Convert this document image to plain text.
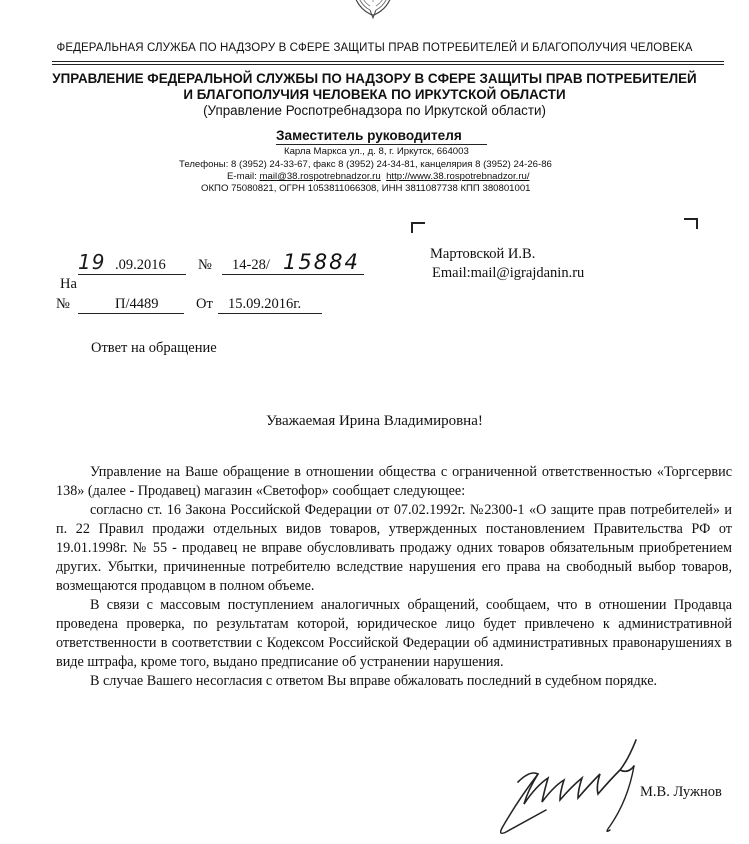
ФЕДЕРАЛЬНАЯ СЛУЖБА ПО НАДЗОРУ В СФЕРЕ ЗАЩИТЫ ПРАВ ПОТРЕБИТЕЛЕЙ И БЛАГОПОЛУЧИЯ ЧЕЛОВЕКА
УПРАВЛЕНИЕ ФЕДЕРАЛЬНОЙ СЛУЖБЫ ПО НАДЗОРУ В СФЕРЕ ЗАЩИТЫ ПРАВ ПОТРЕБИТЕЛЕЙ
И БЛАГОПОЛУЧИЯ ЧЕЛОВЕКА ПО ИРКУТСКОЙ ОБЛАСТИ
(Управление Роспотребнадзора по Иркутской области)
Заместитель руководителя
Карла Маркса ул., д. 8, г. Иркутск, 664003
Телефоны: 8 (3952) 24-33-67, факс 8 (3952) 24-34-81, канцелярия 8 (3952) 24-26-86
E-mail: mail@38.rospotrebnadzor.ru http://www.38.rospotrebnadzor.ru/
ОКПО 75080821, ОГРН 1053811066308, ИНН 3811087738 КПП 380801001
19 .09.2016 № 14-28/ 15884
На
№	П/4489	От 15.09.2016г.
Мартовской И.В.
Email:mail@igrajdanin.ru
Ответ на обращение
Уважаемая Ирина Владимировна!

Управление на Ваше обращение в отношении общества с ограниченной ответственностью «Торгсервис 138» (далее - Продавец) магазин «Светофор» сообщает следующее:

согласно ст. 16 Закона Российской Федерации от 07.02.1992г. №2300-1 «О защите прав потребителей» и п. 22 Правил продажи отдельных видов товаров, утвержденных постановлением Правительства РФ от 19.01.1998г. № 55 - продавец не вправе обусловливать продажу одних товаров обязательным приобретением других. Убытки, причиненные потребителю вследствие нарушения его права на свободный выбор товаров, возмещаются продавцом в полном объеме.

В связи с массовым поступлением аналогичных обращений, сообщаем, что в отношении Продавца проведена проверка, по результатам которой, юридическое лицо будет привлечено к административной ответственности в соответствии с Кодексом Российской Федерации об административных правонарушениях в виде штрафа, кроме того, выдано предписание об устранении нарушения.

В случае Вашего несогласия с ответом Вы вправе обжаловать последний в судебном порядке.

М.В. Лужнов
